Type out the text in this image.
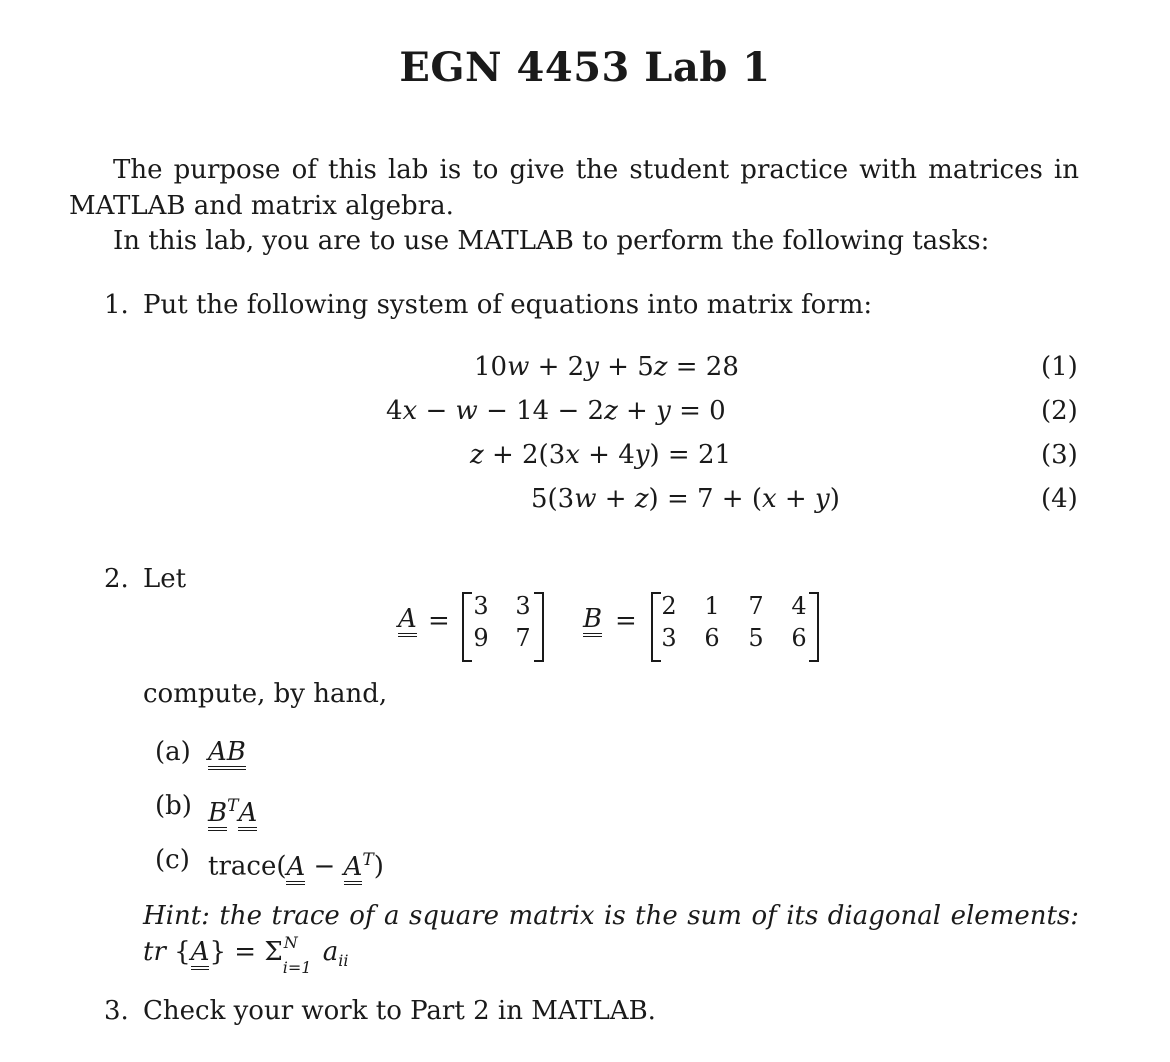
EGN 4453 Lab 1
The purpose of this lab is to give the student practice with matrices in
MATLAB and matrix algebra.
In this lab, you are to use MATLAB to perform the following tasks:
1. Put the following system of equations into matrix form:
10w + 2y + 5z = 28
4x − w − 14 − 2z + y = 0
z + 2(3x + 4y) = 21
5(3w + z) = 7 + (x + y)
(1)
(2)
(3)
(4)
2. Let
A = 3 3
9 7
B = 2 1 7 4
3 6 5 6
compute, by hand,
(a) AB
(b) $B^TA$
(c) trace(A − $A^T$)
Hint: the trace of a square matrix is the sum of its diagonal elements:
tr {A} = Σ N
i=1
$a_{ii}$
3. Check your work to Part 2 in MATLAB.
